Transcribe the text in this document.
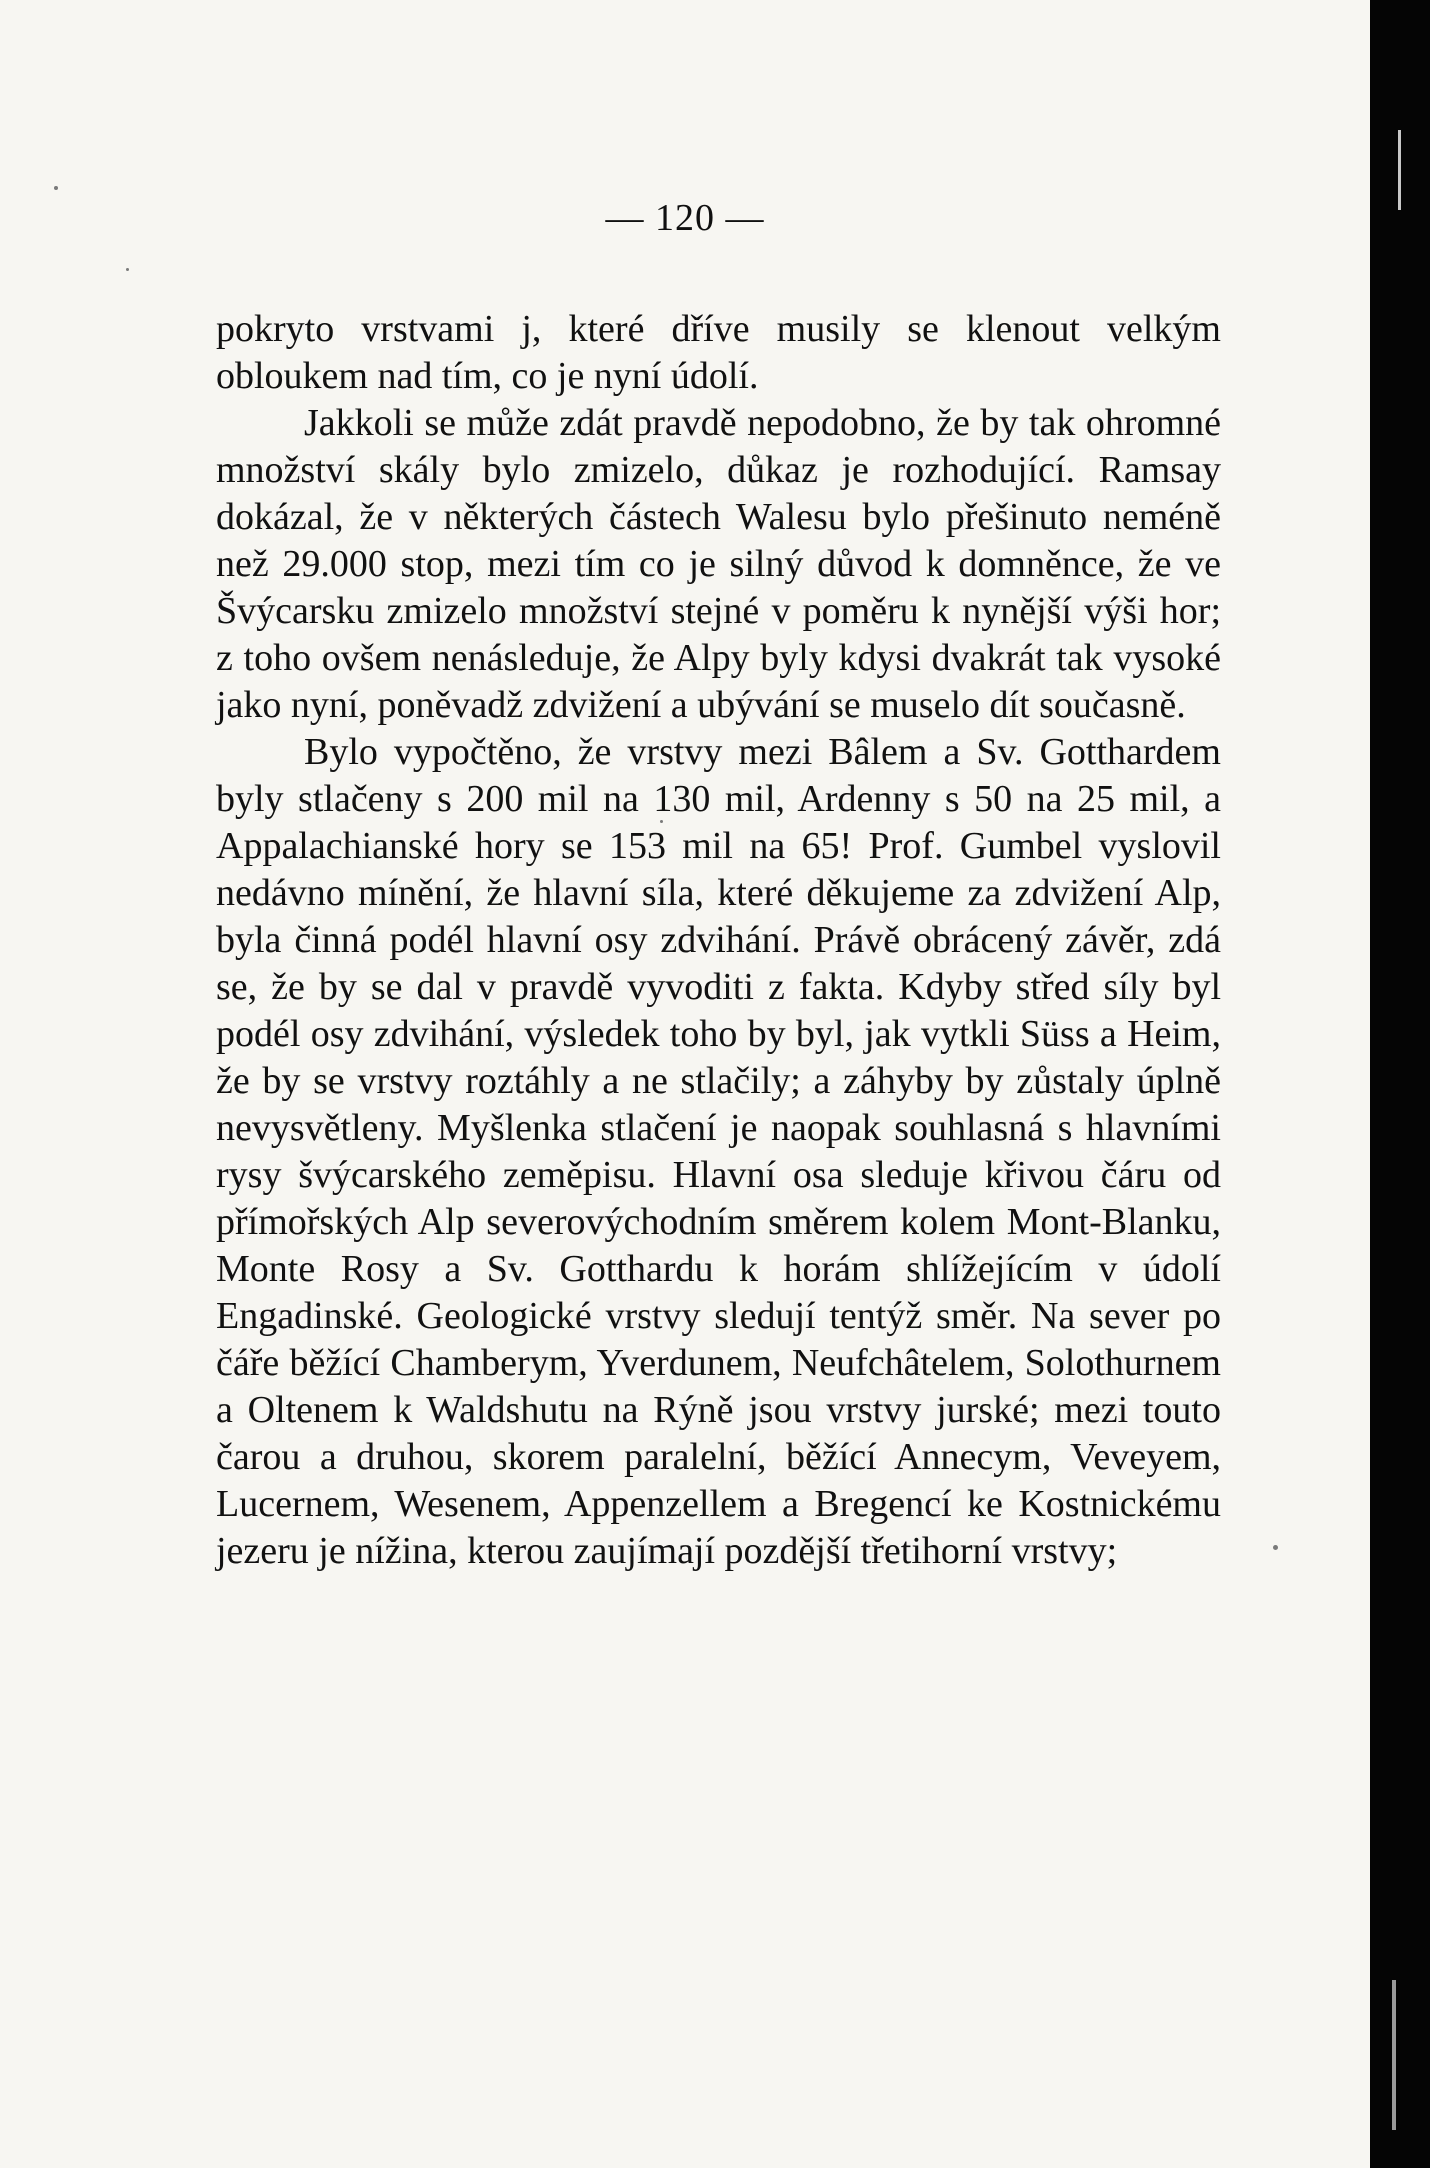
— 120 —

pokryto vrstvami j, které dříve musily se klenout velkým obloukem nad tím, co je nyní údolí.

Jakkoli se může zdát pravdě nepodobno, že by tak ohromné množství skály bylo zmizelo, důkaz je rozhodující. Ramsay dokázal, že v některých částech Walesu bylo přešinuto neméně než 29.000 stop, mezi tím co je silný důvod k domněnce, že ve Švýcarsku zmizelo množství stejné v poměru k nynější výši hor; z toho ovšem nenásleduje, že Alpy byly kdysi dvakrát tak vysoké jako nyní, poněvadž zdvižení a ubývání se muselo dít současně.

Bylo vypočtěno, že vrstvy mezi Bâlem a Sv. Gotthardem byly stlačeny s 200 mil na 130 mil, Ardenny s 50 na 25 mil, a Appalachianské hory se 153 mil na 65! Prof. Gumbel vyslovil nedávno mínění, že hlavní síla, které děkujeme za zdvižení Alp, byla činná podél hlavní osy zdvihání. Právě obrácený závěr, zdá se, že by se dal v pravdě vyvoditi z fakta. Kdyby střed síly byl podél osy zdvihání, výsledek toho by byl, jak vytkli Süss a Heim, že by se vrstvy roztáhly a ne stlačily; a záhyby by zůstaly úplně nevysvětleny. Myšlenka stlačení je naopak souhlasná s hlavními rysy švýcarského zeměpisu. Hlavní osa sleduje křivou čáru od přímořských Alp severovýchodním směrem kolem Mont-Blanku, Monte Rosy a Sv. Gotthardu k horám shlížejícím v údolí Engadinské. Geologické vrstvy sledují tentýž směr. Na sever po čáře běžící Chamberym, Yverdunem, Neufchâtelem, Solothurnem a Oltenem k Waldshutu na Rýně jsou vrstvy jurské; mezi touto čarou a druhou, skorem paralelní, běžící Annecym, Veveyem, Lucernem, Wesenem, Appenzellem a Bregencí ke Kostnickému jezeru je nížina, kterou zaujímají pozdější třetihorní vrstvy;
